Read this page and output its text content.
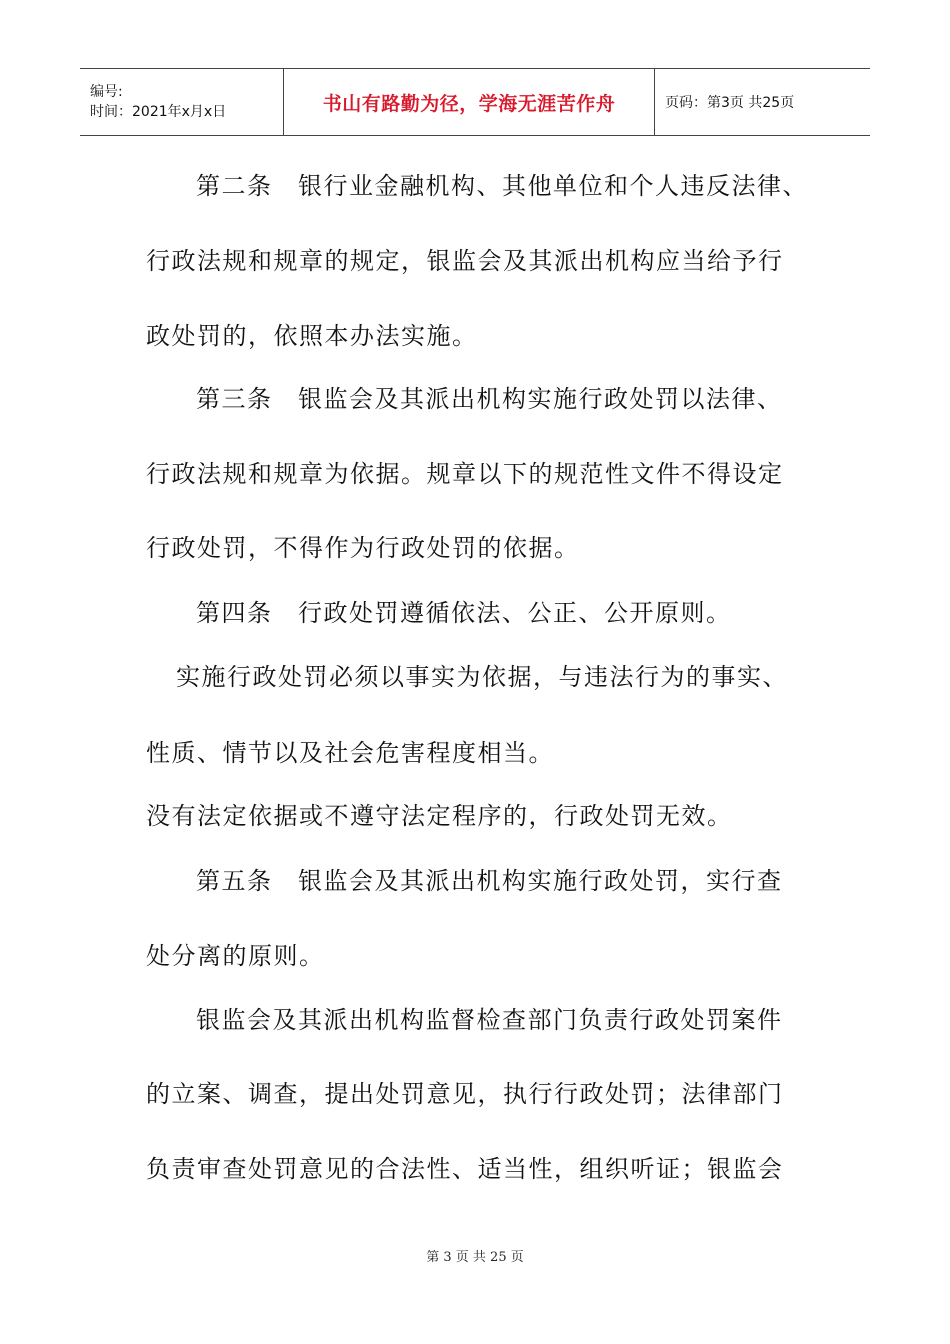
编号:
时间：2021年x月x日	书山有路勤为径，学海无涯苦作舟	页码：第3页 共25页
第二条　银行业金融机构、其他单位和个人违反法律、
行政法规和规章的规定，银监会及其派出机构应当给予行
政处罚的，依照本办法实施。
第三条　银监会及其派出机构实施行政处罚以法律、
行政法规和规章为依据。规章以下的规范性文件不得设定
行政处罚，不得作为行政处罚的依据。
第四条　行政处罚遵循依法、公正、公开原则。
实施行政处罚必须以事实为依据，与违法行为的事实、
性质、情节以及社会危害程度相当。
没有法定依据或不遵守法定程序的，行政处罚无效。
第五条　银监会及其派出机构实施行政处罚，实行查
处分离的原则。
银监会及其派出机构监督检查部门负责行政处罚案件
的立案、调查，提出处罚意见，执行行政处罚；法律部门
负责审查处罚意见的合法性、适当性，组织听证；银监会
第 3 页 共 25 页
